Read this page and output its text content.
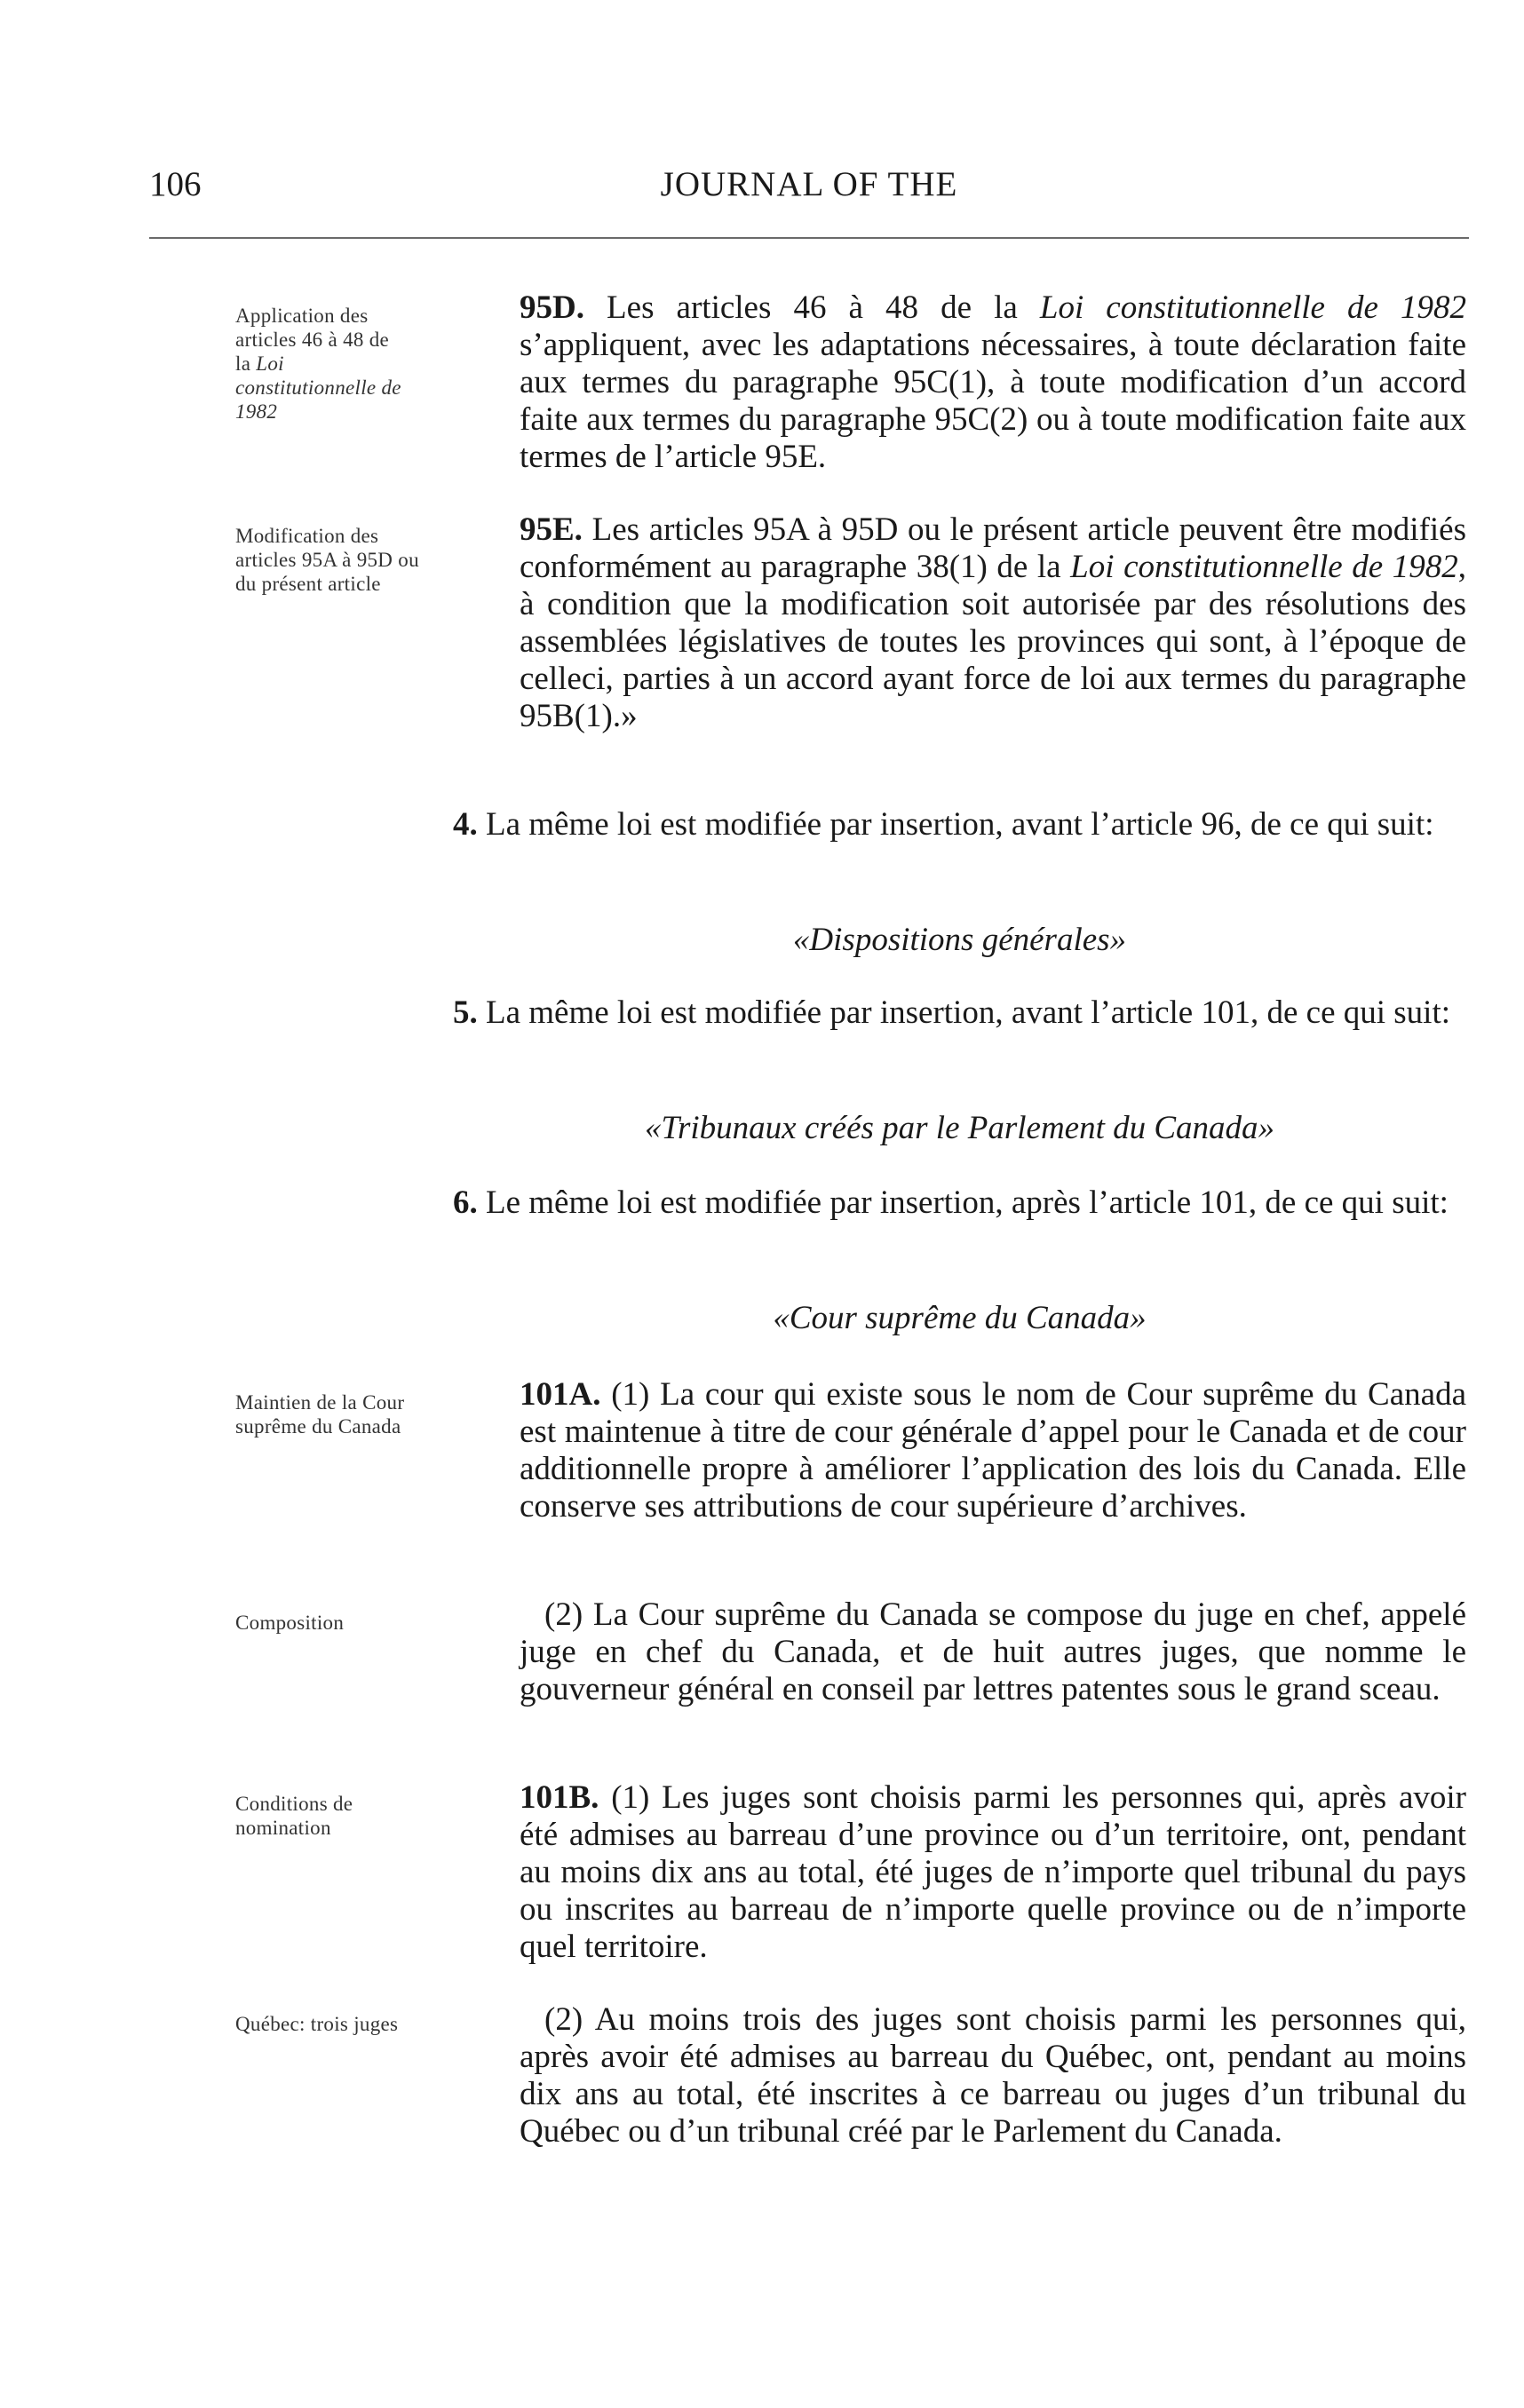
106	JOURNAL OF THE
Application des
articles 46 à 48 de
la Loi
constitutionnelle de
1982
Modification des articles 95A à 95D ou du présent article
Maintien de la Cour suprême du Canada
Composition
Conditions de nomination
Québec: trois juges

95D. Les articles 46 à 48 de la Loi constitutionnelle de 1982 s’appliquent, avec les adaptations nécessaires, à toute déclaration faite aux termes du paragraphe 95C(1), à toute modification d’un accord faite aux termes du paragraphe 95C(2) ou à toute modification faite aux termes de l’article 95E.

95E. Les articles 95A à 95D ou le présent article peuvent être modifiés conformément au paragraphe 38(1) de la Loi constitutionnelle de 1982, à condition que la modification soit autorisée par des résolutions des assemblées législatives de toutes les provinces qui sont, à l’époque de celleci, parties à un accord ayant force de loi aux termes du paragraphe 95B(1).»

4. La même loi est modifiée par insertion, avant l’article 96, de ce qui suit:

«Dispositions générales»

5. La même loi est modifiée par insertion, avant l’article 101, de ce qui suit:

«Tribunaux créés par le Parlement du Canada»

6. Le même loi est modifiée par insertion, après l’article 101, de ce qui suit:

«Cour suprême du Canada»

101A. (1) La cour qui existe sous le nom de Cour suprême du Canada est maintenue à titre de cour générale d’appel pour le Canada et de cour additionnelle propre à améliorer l’application des lois du Canada. Elle conserve ses attributions de cour supérieure d’archives.

(2) La Cour suprême du Canada se compose du juge en chef, appelé juge en chef du Canada, et de huit autres juges, que nomme le gouverneur général en conseil par lettres patentes sous le grand sceau.

101B. (1) Les juges sont choisis parmi les personnes qui, après avoir été admises au barreau d’une province ou d’un territoire, ont, pendant au moins dix ans au total, été juges de n’importe quel tribunal du pays ou inscrites au barreau de n’importe quelle province ou de n’importe quel territoire.

(2) Au moins trois des juges sont choisis parmi les personnes qui, après avoir été admises au barreau du Québec, ont, pendant au moins dix ans au total, été inscrites à ce barreau ou juges d’un tribunal du Québec ou d’un tribunal créé par le Parlement du Canada.
